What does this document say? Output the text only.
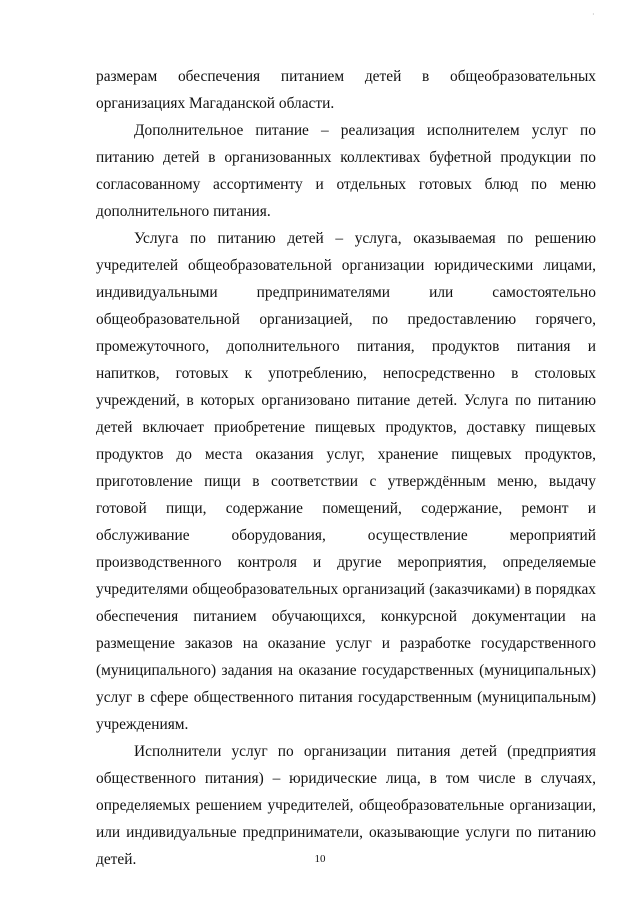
·

размерам обеспечения питанием детей в общеобразовательных организациях Магаданской области.

Дополнительное питание – реализация исполнителем услуг по питанию детей в организованных коллективах буфетной продукции по согласованному ассортименту и отдельных готовых блюд по меню дополнительного питания.

Услуга по питанию детей – услуга, оказываемая по решению учредителей общеобразовательной организации юридическими лицами, индивидуальными предпринимателями или самостоятельно общеобразовательной организацией, по предоставлению горячего, промежуточного, дополнительного питания, продуктов питания и напитков, готовых к употреблению, непосредственно в столовых учреждений, в которых организовано питание детей. Услуга по питанию детей включает приобретение пищевых продуктов, доставку пищевых продуктов до места оказания услуг, хранение пищевых продуктов, приготовление пищи в соответствии с утверждённым меню, выдачу готовой пищи, содержание помещений, содержание, ремонт и обслуживание оборудования, осуществление мероприятий производственного контроля и другие мероприятия, определяемые учредителями общеобразовательных организаций (заказчиками) в порядках обеспечения питанием обучающихся, конкурсной документации на размещение заказов на оказание услуг и разработке государственного (муниципального) задания на оказание государственных (муниципальных) услуг в сфере общественного питания государственным (муниципальным) учреждениям.

Исполнители услуг по организации питания детей (предприятия общественного питания) – юридические лица, в том числе в случаях, определяемых решением учредителей, общеобразовательные организации, или индивидуальные предприниматели, оказывающие услуги по питанию детей.	10
